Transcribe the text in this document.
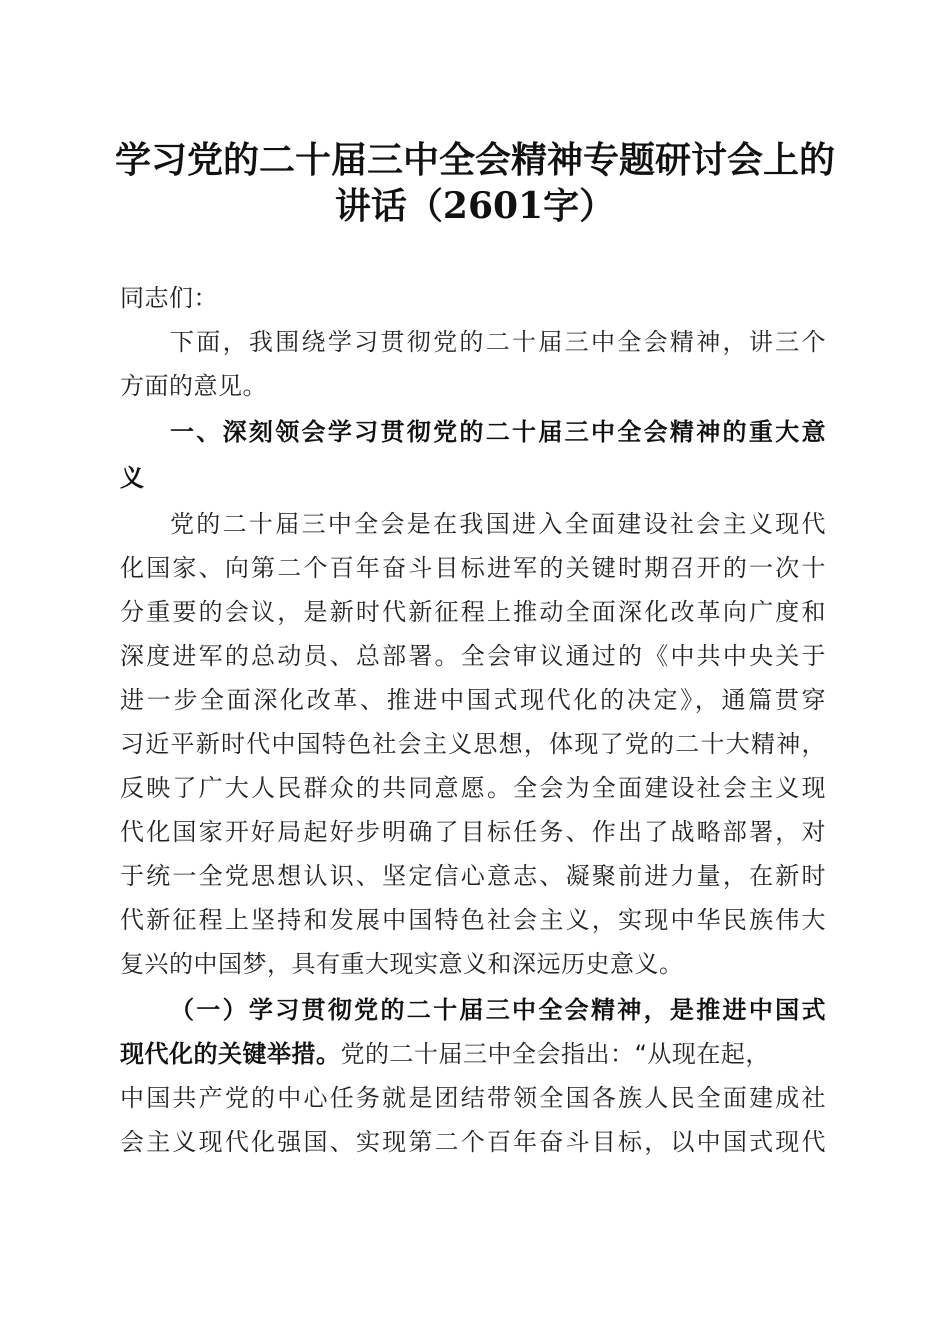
学习党的二十届三中全会精神专题研讨会上的
讲话（2601字）
同志们：
下面，我围绕学习贯彻党的二十届三中全会精神，讲三个
方面的意见。
一、深刻领会学习贯彻党的二十届三中全会精神的重大意
义
党的二十届三中全会是在我国进入全面建设社会主义现代
化国家、向第二个百年奋斗目标进军的关键时期召开的一次十
分重要的会议，是新时代新征程上推动全面深化改革向广度和
深度进军的总动员、总部署。全会审议通过的《中共中央关于
进一步全面深化改革、推进中国式现代化的决定》，通篇贯穿
习近平新时代中国特色社会主义思想，体现了党的二十大精神，
反映了广大人民群众的共同意愿。全会为全面建设社会主义现
代化国家开好局起好步明确了目标任务、作出了战略部署，对
于统一全党思想认识、坚定信心意志、凝聚前进力量，在新时
代新征程上坚持和发展中国特色社会主义，实现中华民族伟大
复兴的中国梦，具有重大现实意义和深远历史意义。
（一）学习贯彻党的二十届三中全会精神，是推进中国式
现代化的关键举措。党的二十届三中全会指出：“从现在起，
中国共产党的中心任务就是团结带领全国各族人民全面建成社
会主义现代化强国、实现第二个百年奋斗目标，以中国式现代
